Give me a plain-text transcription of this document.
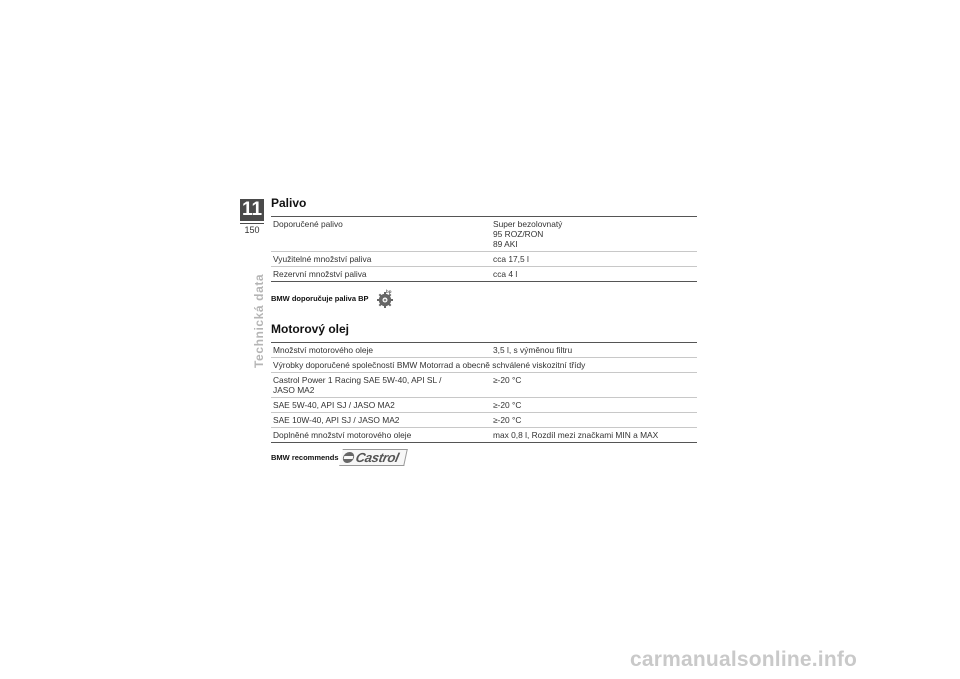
11
150
Technická data
Palivo
Doporučené palivo	Super bezolovnatý
95 ROZ/RON
89 AKI

Využitelné množství paliva	cca 17,5 l
Rezervní množství paliva	cca 4 l
BMW doporučuje paliva BP
bp
Motorový olej
Množství motorového oleje	3,5 l, s výměnou filtru
Výrobky doporučené společností BMW Motorrad a obecně schválené viskozitní třídy	

Castrol Power 1 Racing SAE 5W-40, API SL /
JASO MA2	≥-20 °C
SAE 5W-40, API SJ / JASO MA2	≥-20 °C
SAE 10W-40, API SJ / JASO MA2	≥-20 °C
Doplněné množství motorového oleje	max 0,8 l, Rozdíl mezi značkami MIN a MAX
BMW recommends Castrol
carmanualsonline.info
